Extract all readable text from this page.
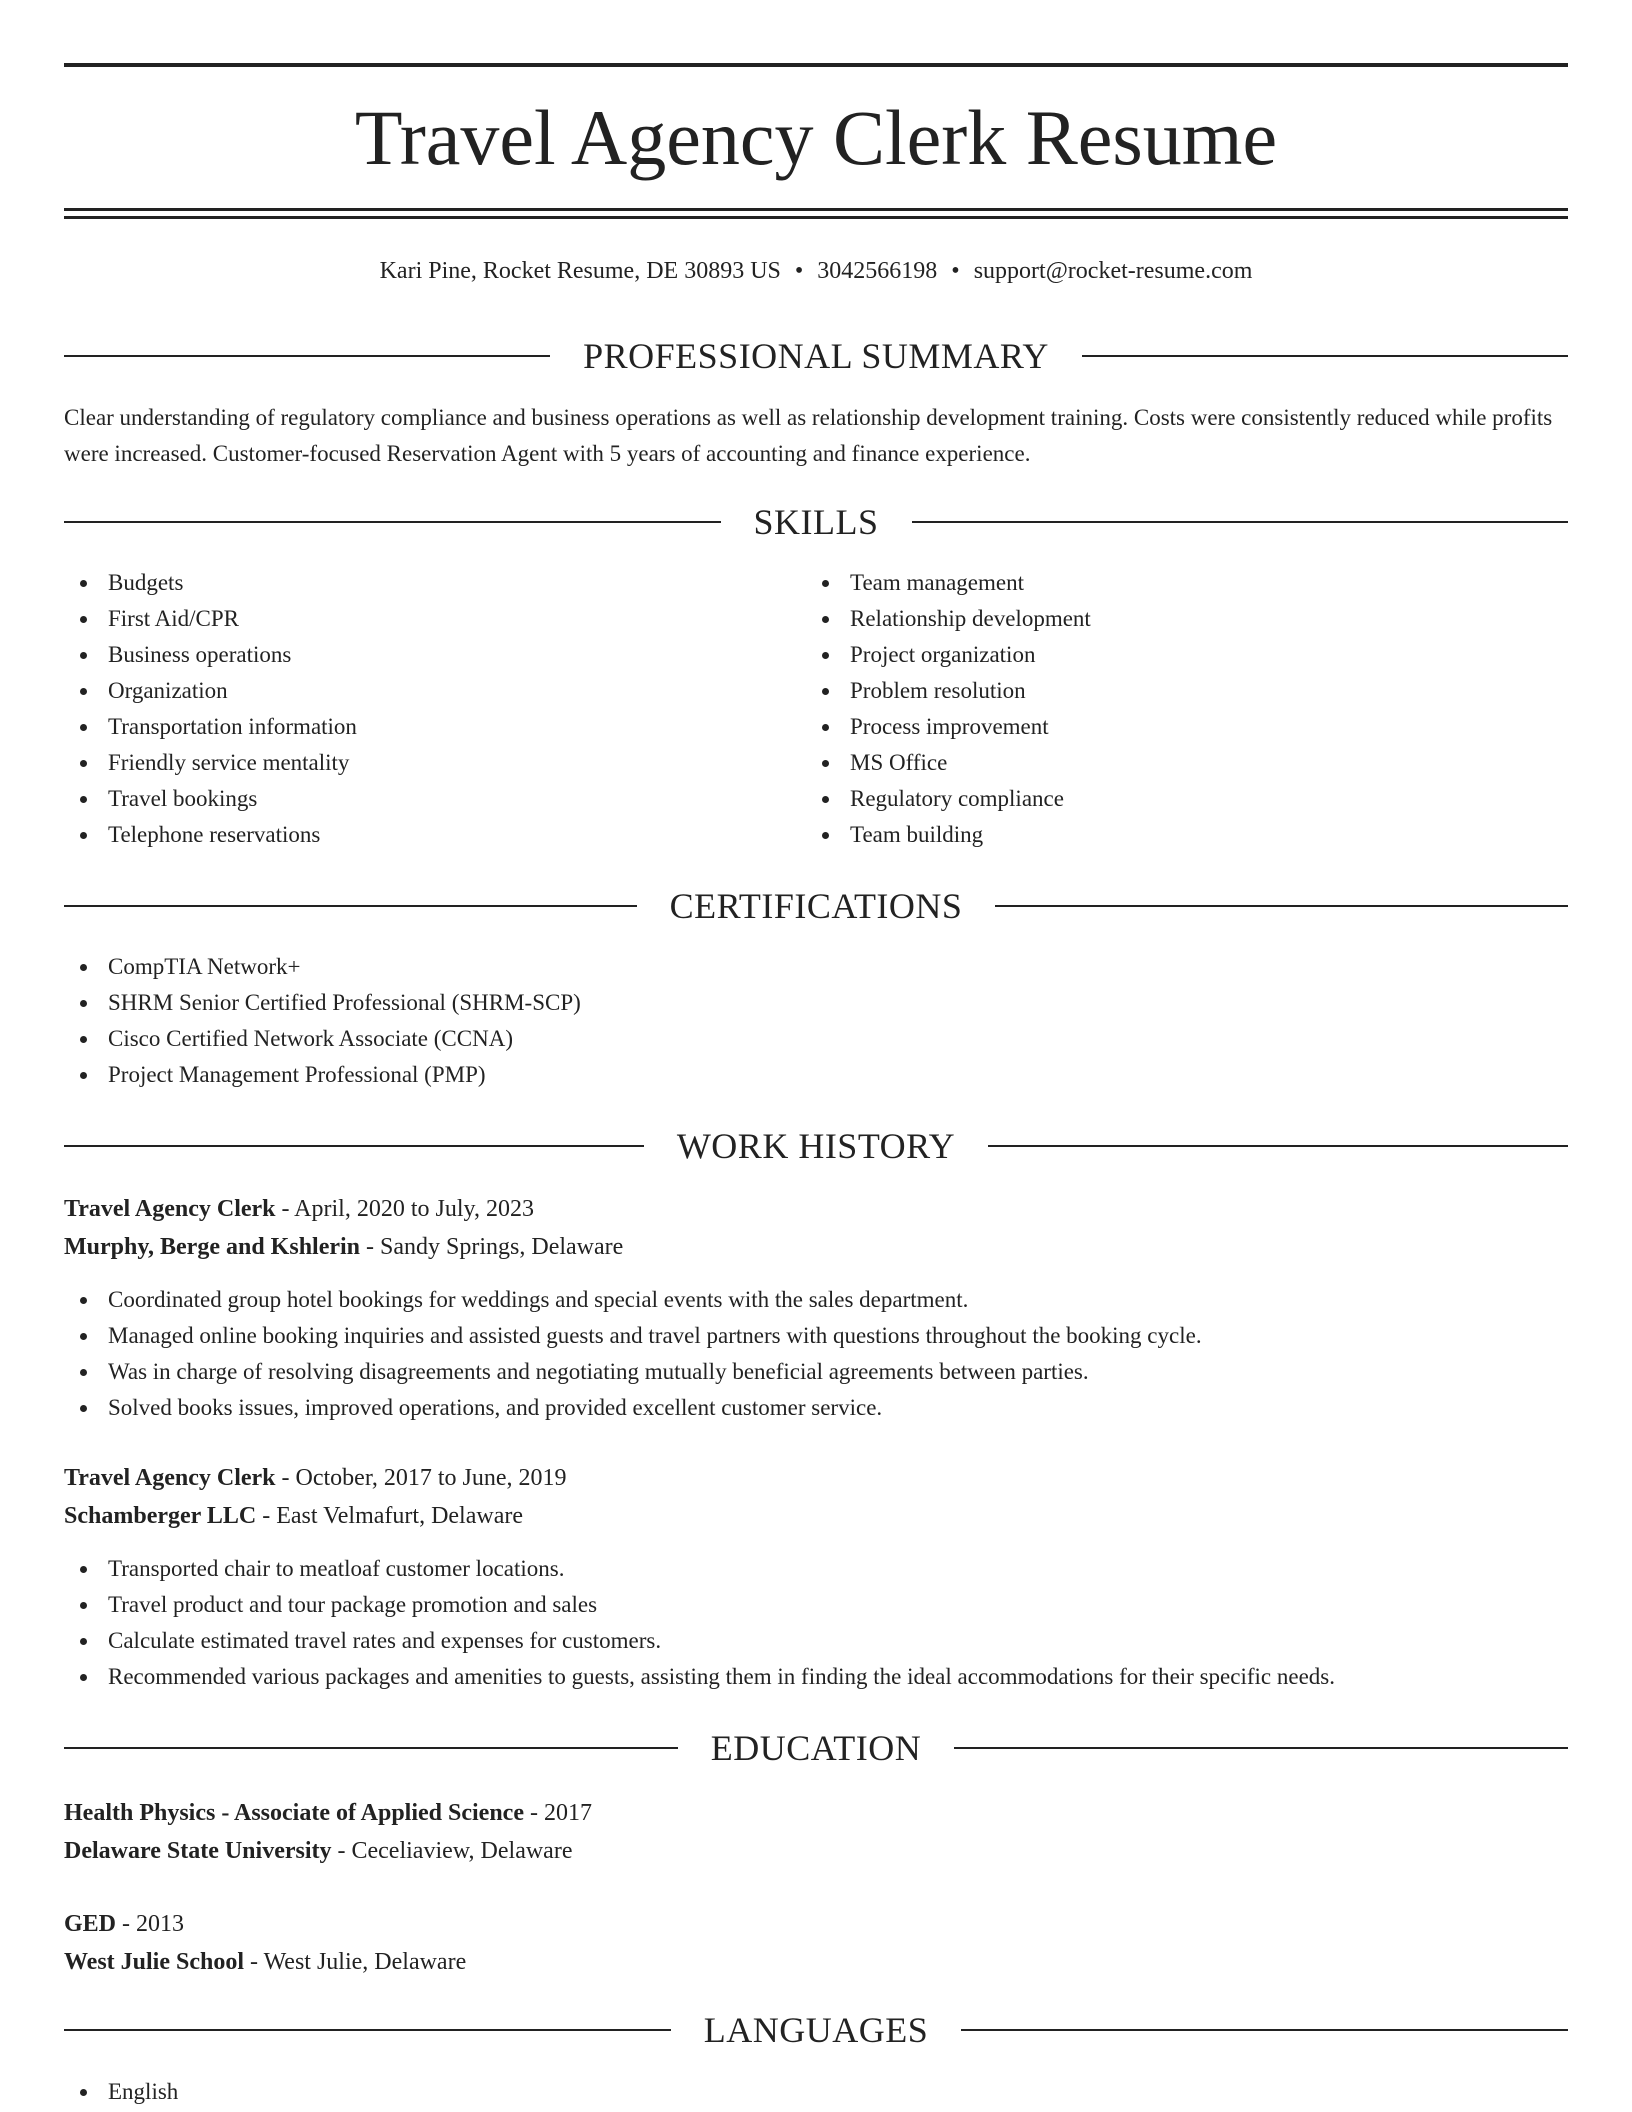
Travel Agency Clerk Resume
Kari Pine, Rocket Resume, DE 30893 US • 3042566198 • support@rocket-resume.com
PROFESSIONAL SUMMARY
Clear understanding of regulatory compliance and business operations as well as relationship development training. Costs were consistently reduced while profits were increased. Customer-focused Reservation Agent with 5 years of accounting and finance experience.
SKILLS
Budgets
First Aid/CPR
Business operations
Organization
Transportation information
Friendly service mentality
Travel bookings
Telephone reservations
Team management
Relationship development
Project organization
Problem resolution
Process improvement
MS Office
Regulatory compliance
Team building
CERTIFICATIONS
CompTIA Network+
SHRM Senior Certified Professional (SHRM-SCP)
Cisco Certified Network Associate (CCNA)
Project Management Professional (PMP)
WORK HISTORY
Travel Agency Clerk - April, 2020 to July, 2023
Murphy, Berge and Kshlerin - Sandy Springs, Delaware
Coordinated group hotel bookings for weddings and special events with the sales department.
Managed online booking inquiries and assisted guests and travel partners with questions throughout the booking cycle.
Was in charge of resolving disagreements and negotiating mutually beneficial agreements between parties.
Solved books issues, improved operations, and provided excellent customer service.
Travel Agency Clerk - October, 2017 to June, 2019
Schamberger LLC - East Velmafurt, Delaware
Transported chair to meatloaf customer locations.
Travel product and tour package promotion and sales
Calculate estimated travel rates and expenses for customers.
Recommended various packages and amenities to guests, assisting them in finding the ideal accommodations for their specific needs.
EDUCATION
Health Physics - Associate of Applied Science - 2017
Delaware State University - Ceceliaview, Delaware
GED - 2013
West Julie School - West Julie, Delaware
LANGUAGES
English
